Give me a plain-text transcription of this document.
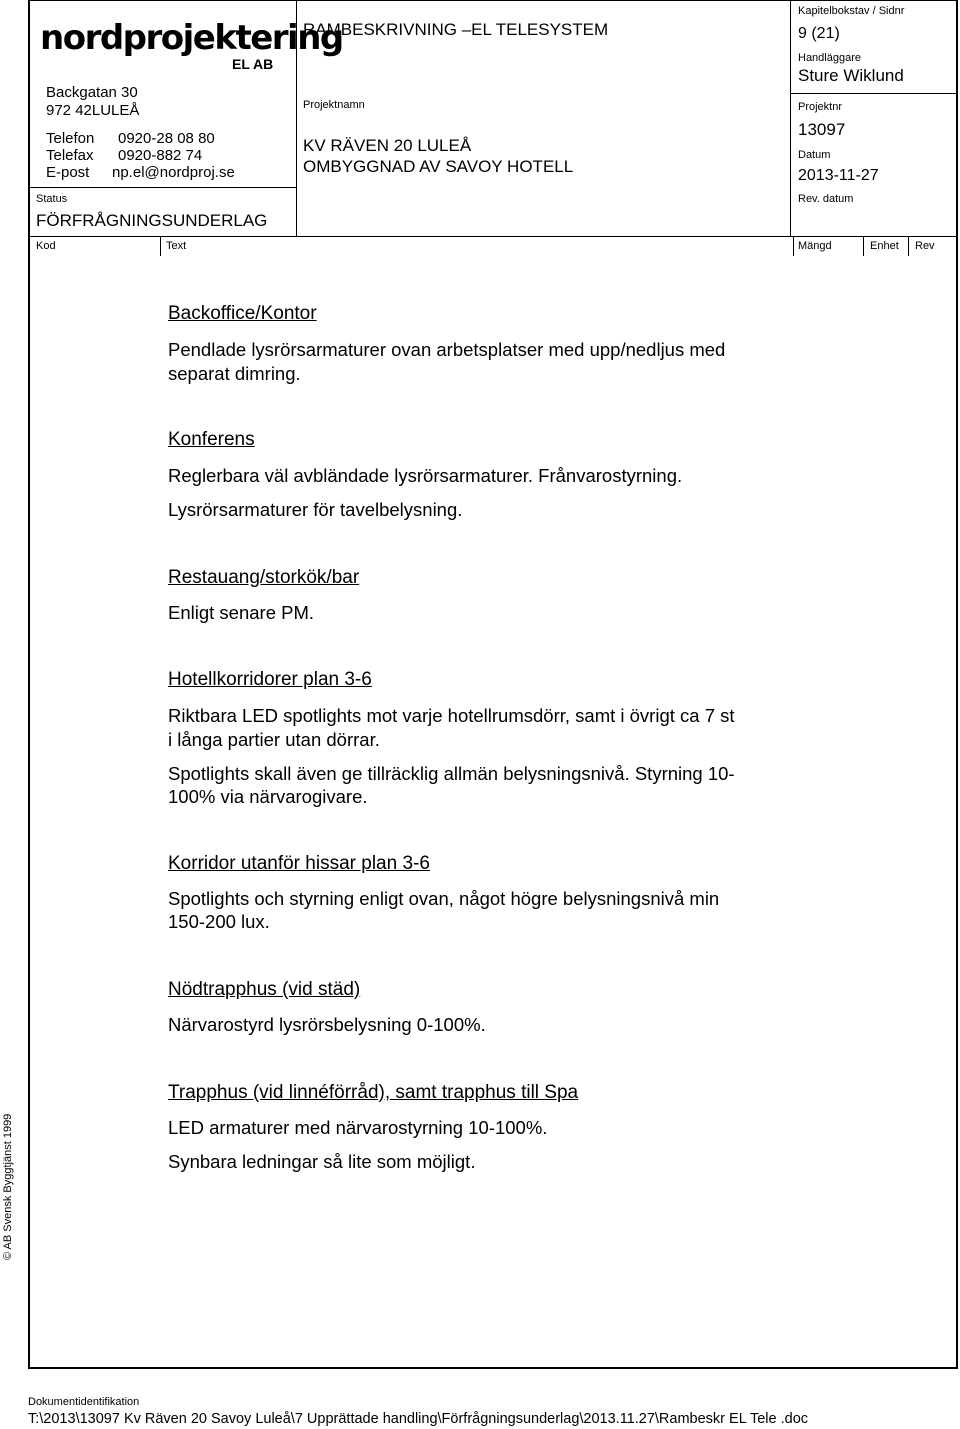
nordprojektering
EL AB
Backgatan 30
972 42LULEÅ
Telefon 0920-28 08 80
Telefax 0920-882 74
E-post np.el@nordproj.se
Status
FÖRFRÅGNINGSUNDERLAG
RAMBESKRIVNING –EL TELESYSTEM
Projektnamn
KV RÄVEN 20 LULEÅ
OMBYGGNAD AV SAVOY HOTELL
Kapitelbokstav / Sidnr
9 (21)
Handläggare
Sture Wiklund
Projektnr
13097
Datum
2013-11-27
Rev. datum
Kod	Text	Mängd	Enhet Rev
Backoffice/Kontor
Pendlade lysrörsarmaturer ovan arbetsplatser med upp/nedljus med
separat dimring.
Konferens
Reglerbara väl avbländade lysrörsarmaturer. Frånvarostyrning.
Lysrörsarmaturer för tavelbelysning.
Restauang/storkök/bar
Enligt senare PM.
Hotellkorridorer plan 3-6
Riktbara LED spotlights mot varje hotellrumsdörr, samt i övrigt ca 7 st
i långa partier utan dörrar.
Spotlights skall även ge tillräcklig allmän belysningsnivå. Styrning 10-
100% via närvarogivare.
Korridor utanför hissar plan 3-6
Spotlights och styrning enligt ovan, något högre belysningsnivå min
150-200 lux.
Nödtrapphus (vid städ)
Närvarostyrd lysrörsbelysning 0-100%.
Trapphus (vid linnéförråd), samt trapphus till Spa
LED armaturer med närvarostyrning 10-100%.
Synbara ledningar så lite som möjligt.
© AB Svensk Byggtjänst 1999
Dokumentidentifikation
T:\2013\13097 Kv Räven 20 Savoy Luleå\7 Upprättade handling\Förfrågningsunderlag\2013.11.27\Rambeskr EL Tele .doc
